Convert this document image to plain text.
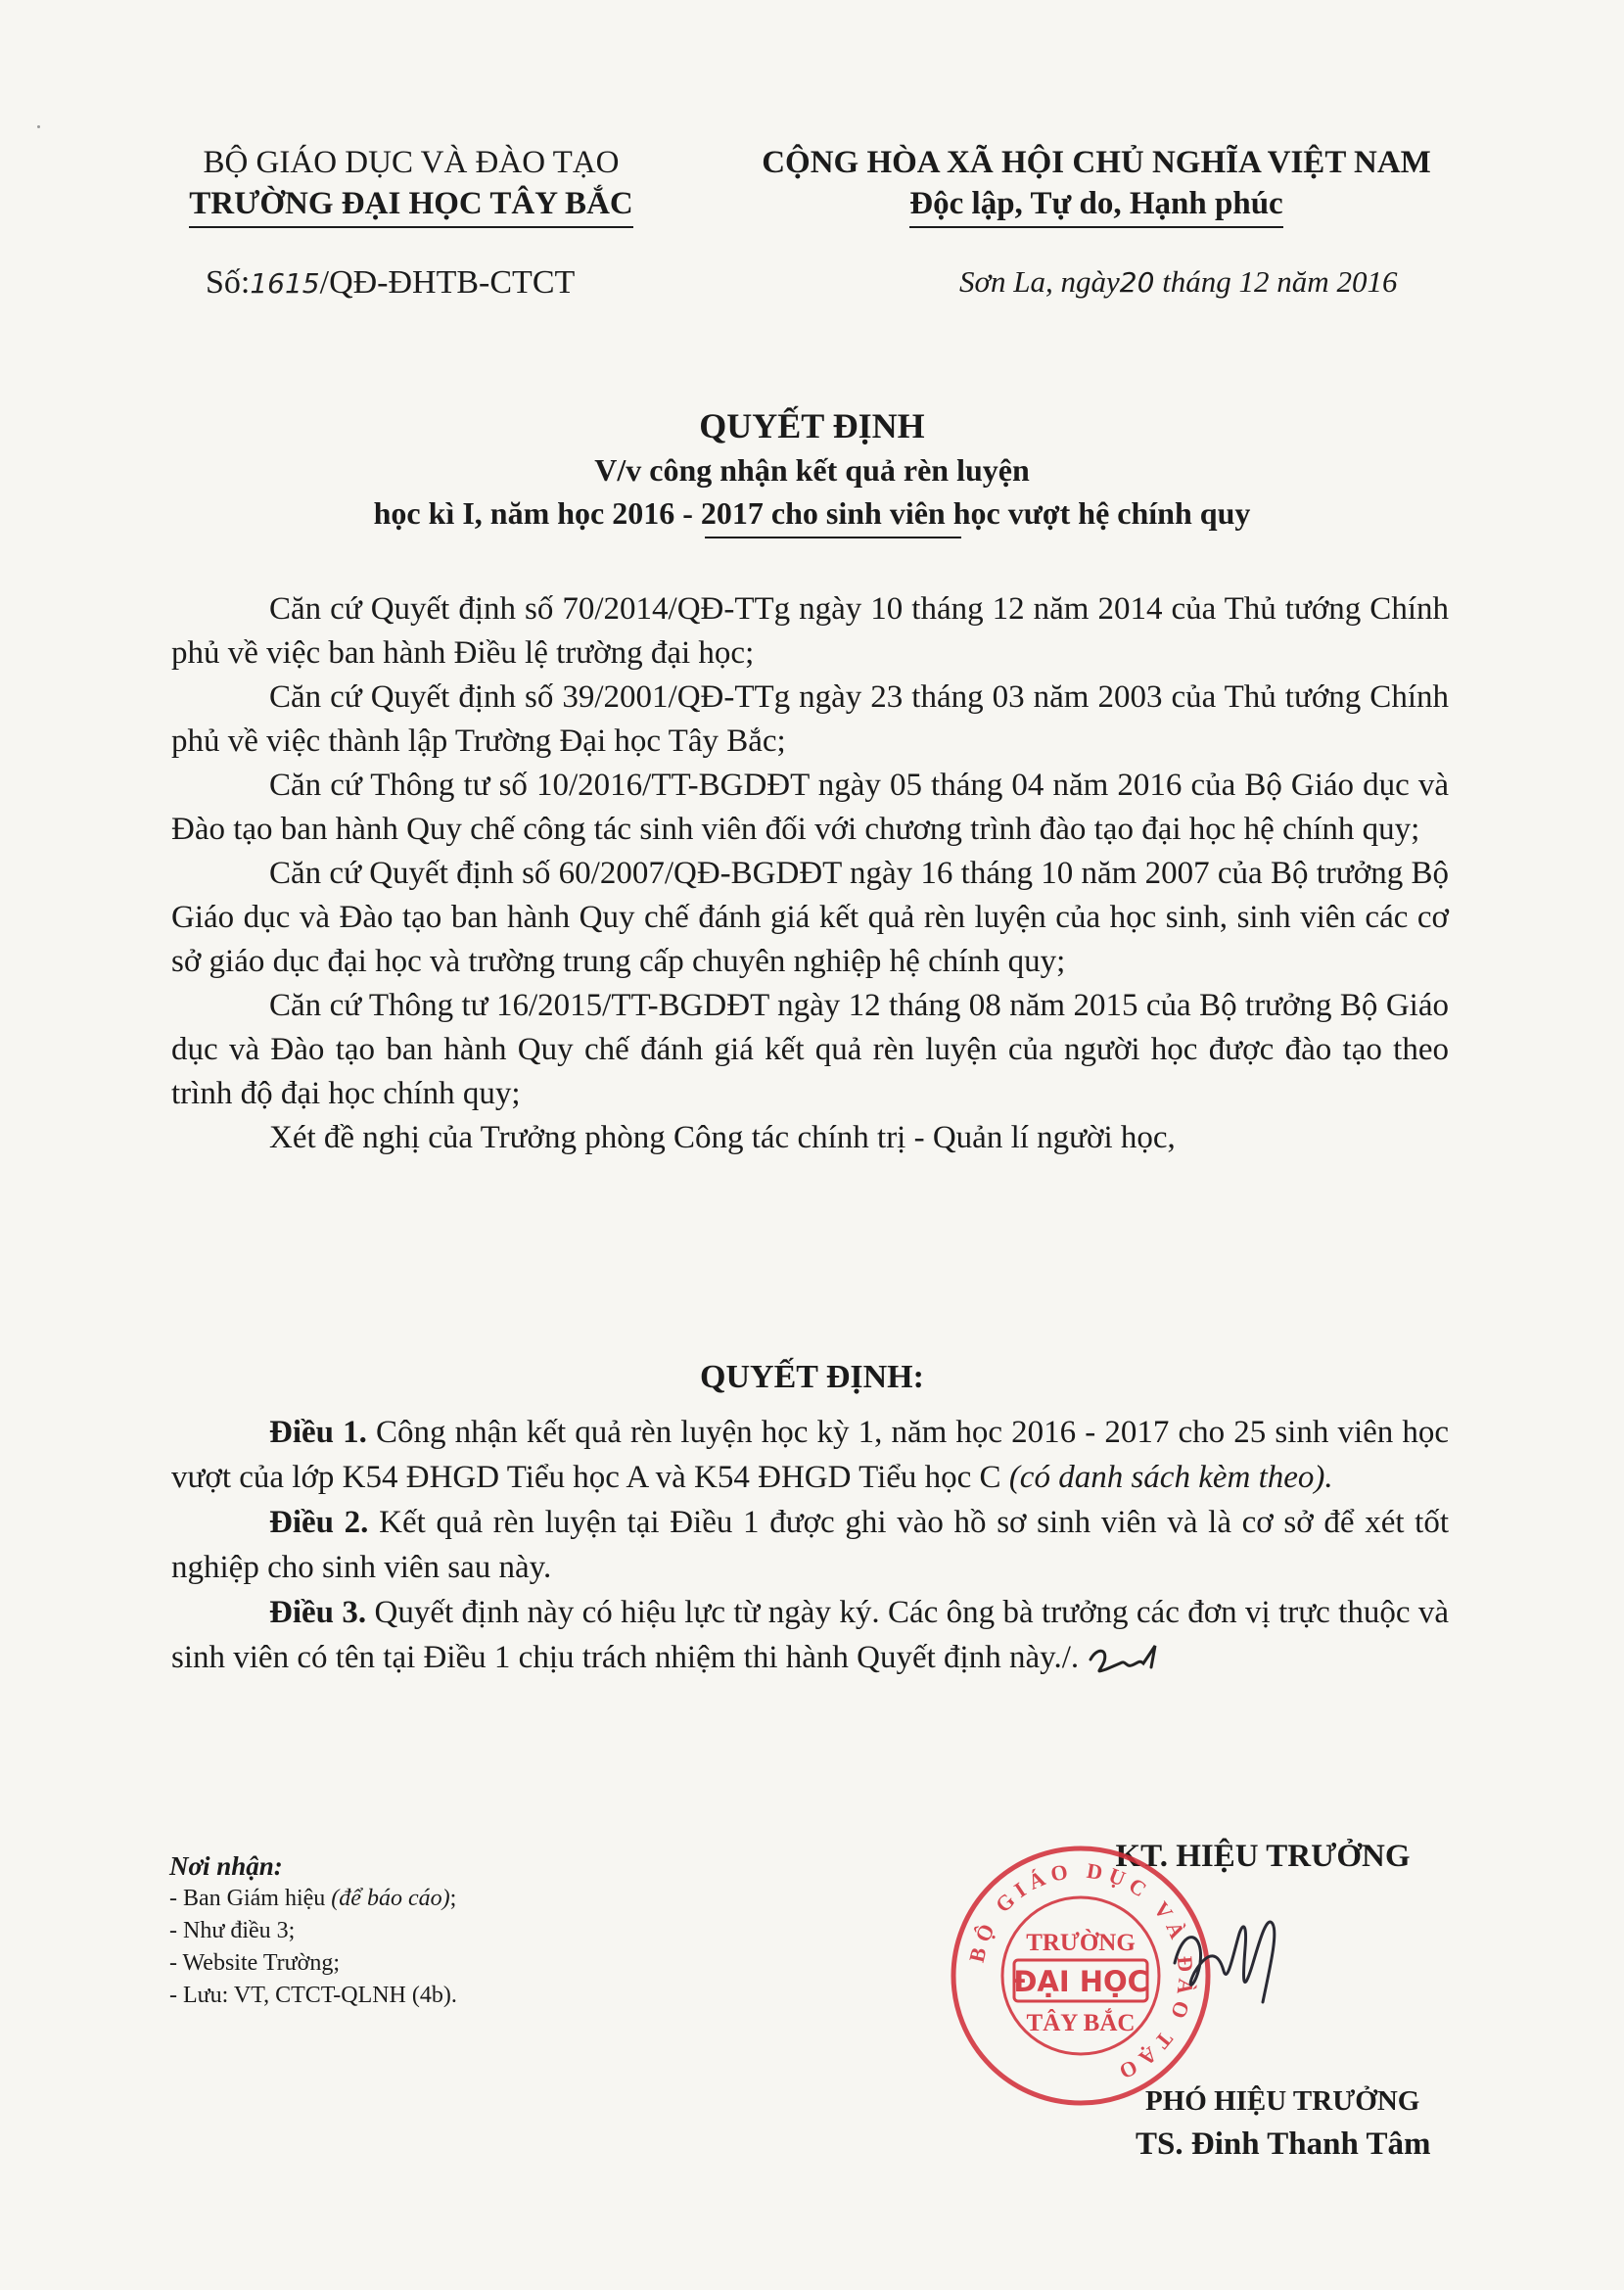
BỘ GIÁO DỤC VÀ ĐÀO TẠO
TRƯỜNG ĐẠI HỌC TÂY BẮC
CỘNG HÒA XÃ HỘI CHỦ NGHĨA VIỆT NAM
Độc lập, Tự do, Hạnh phúc
Số:1615/QĐ-ĐHTB-CTCT	Sơn La, ngày20 tháng 12 năm 2016
QUYẾT ĐỊNH
V/v công nhận kết quả rèn luyện
học kì I, năm học 2016 - 2017 cho sinh viên học vượt hệ chính quy

Căn cứ Quyết định số 70/2014/QĐ-TTg ngày 10 tháng 12 năm 2014 của Thủ tướng Chính phủ về việc ban hành Điều lệ trường đại học;

Căn cứ Quyết định số 39/2001/QĐ-TTg ngày 23 tháng 03 năm 2003 của Thủ tướng Chính phủ về việc thành lập Trường Đại học Tây Bắc;

Căn cứ Thông tư số 10/2016/TT-BGDĐT ngày 05 tháng 04 năm 2016 của Bộ Giáo dục và Đào tạo ban hành Quy chế công tác sinh viên đối với chương trình đào tạo đại học hệ chính quy;

Căn cứ Quyết định số 60/2007/QĐ-BGDĐT ngày 16 tháng 10 năm 2007 của Bộ trưởng Bộ Giáo dục và Đào tạo ban hành Quy chế đánh giá kết quả rèn luyện của học sinh, sinh viên các cơ sở giáo dục đại học và trường trung cấp chuyên nghiệp hệ chính quy;

Căn cứ Thông tư 16/2015/TT-BGDĐT ngày 12 tháng 08 năm 2015 của Bộ trưởng Bộ Giáo dục và Đào tạo ban hành Quy chế đánh giá kết quả rèn luyện của người học được đào tạo theo trình độ đại học chính quy;

Xét đề nghị của Trưởng phòng Công tác chính trị - Quản lí người học,

QUYẾT ĐỊNH:

Điều 1. Công nhận kết quả rèn luyện học kỳ 1, năm học 2016 - 2017 cho 25 sinh viên học vượt của lớp K54 ĐHGD Tiểu học A và K54 ĐHGD Tiểu học C (có danh sách kèm theo).

Điều 2. Kết quả rèn luyện tại Điều 1 được ghi vào hồ sơ sinh viên và là cơ sở để xét tốt nghiệp cho sinh viên sau này.

Điều 3. Quyết định này có hiệu lực từ ngày ký. Các ông bà trưởng các đơn vị trực thuộc và sinh viên có tên tại Điều 1 chịu trách nhiệm thi hành Quyết định này./.

Nơi nhận:
- Ban Giám hiệu (để báo cáo);
- Như điều 3;
- Website Trường;
- Lưu: VT, CTCT-QLNH (4b).
KT. HIỆU TRƯỞNG
BỘ GIÁO DỤC VÀ ĐÀO TẠO
TRƯỜNG
ĐẠI HỌC
TÂY BẮC
PHÓ HIỆU TRƯỞNG
TS. Đinh Thanh Tâm
